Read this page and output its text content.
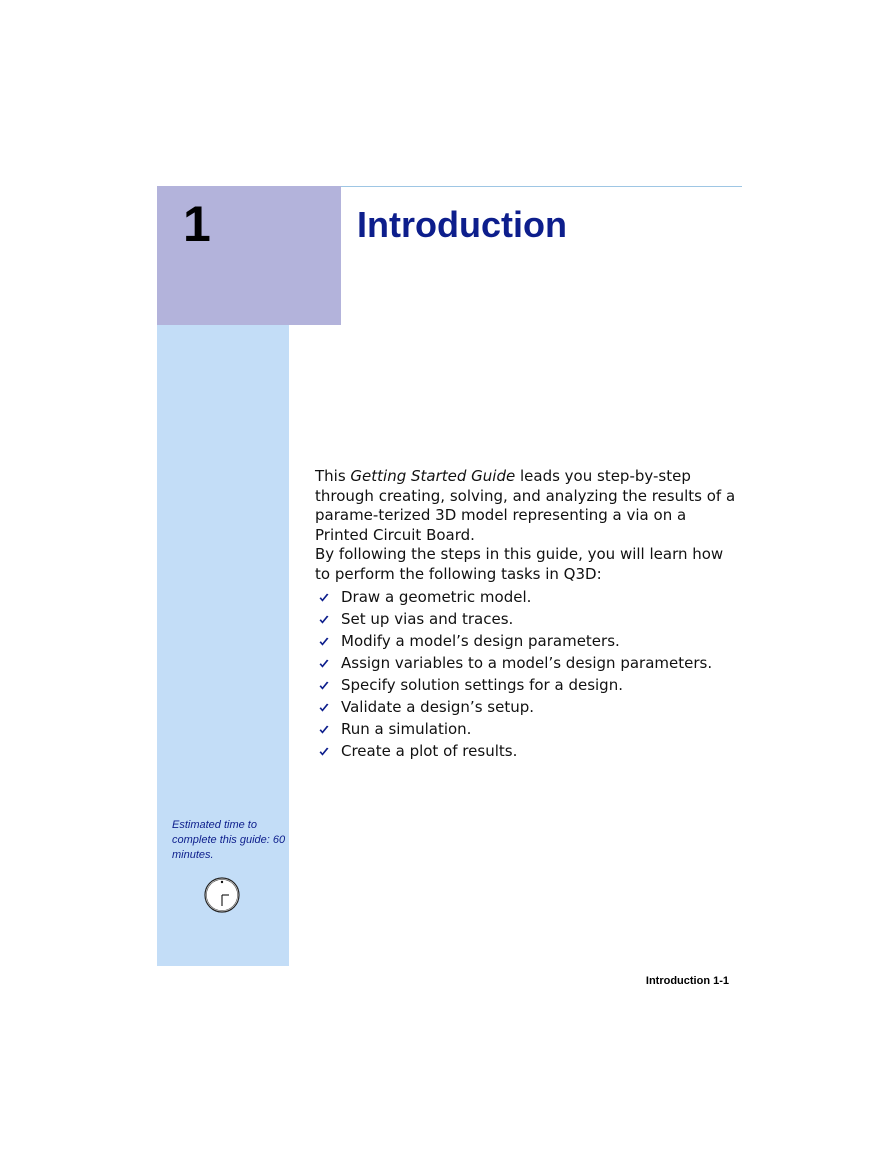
1	Introduction

This Getting Started Guide leads you step-by-step through creating, solving, and analyzing the results of a parame-terized 3D model representing a via on a Printed Circuit Board.

By following the steps in this guide, you will learn how to perform the following tasks in Q3D:

Draw a geometric model.
Set up vias and traces.
Modify a model’s design parameters.
Assign variables to a model’s design parameters.
Specify solution settings for a design.
Validate a design’s setup.
Run a simulation.
Create a plot of results.
Estimated time to complete this guide: 60 minutes.
Introduction 1-1
